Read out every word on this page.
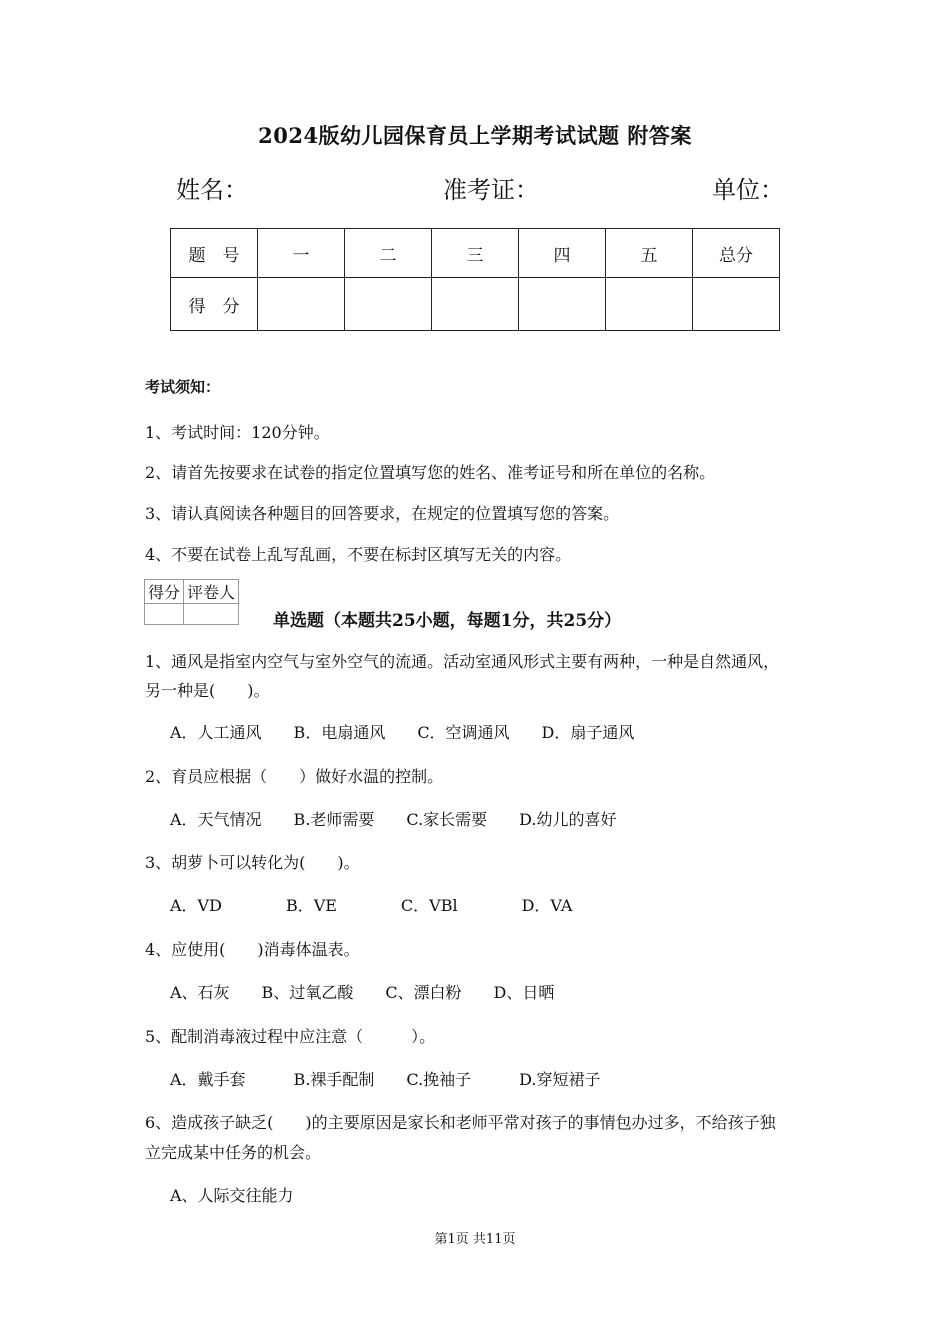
2024版幼儿园保育员上学期考试试题 附答案
姓名：	准考证：	单位：
题　号	一	二	三	四	五	总分
得　分						
考试须知：
1、考试时间：120分钟。
2、请首先按要求在试卷的指定位置填写您的姓名、准考证号和所在单位的名称。
3、请认真阅读各种题目的回答要求，在规定的位置填写您的答案。
4、不要在试卷上乱写乱画，不要在标封区填写无关的内容。
得分	评卷人

单选题（本题共25小题，每题1分，共25分）
1、通风是指室内空气与室外空气的流通。活动室通风形式主要有两种，一种是自然通风，
另一种是(　　)。
A．人工通风　　B．电扇通风　　C．空调通风　　D．扇子通风
2、育员应根据（　　）做好水温的控制。
A．天气情况　　B.老师需要　　C.家长需要　　D.幼儿的喜好
3、胡萝卜可以转化为(　　)。
A．VD　　　　B．VE　　　　C．VBl　　　　D．VA
4、应使用(　　)消毒体温表。
A、石灰　　B、过氧乙酸　　C、漂白粉　　D、日晒
5、配制消毒液过程中应注意（　　　）。
A．戴手套　　　B.裸手配制　　C.挽袖子　　　D.穿短裙子
6、造成孩子缺乏(　　)的主要原因是家长和老师平常对孩子的事情包办过多，不给孩子独
立完成某中任务的机会。
A、人际交往能力
第1页 共11页
